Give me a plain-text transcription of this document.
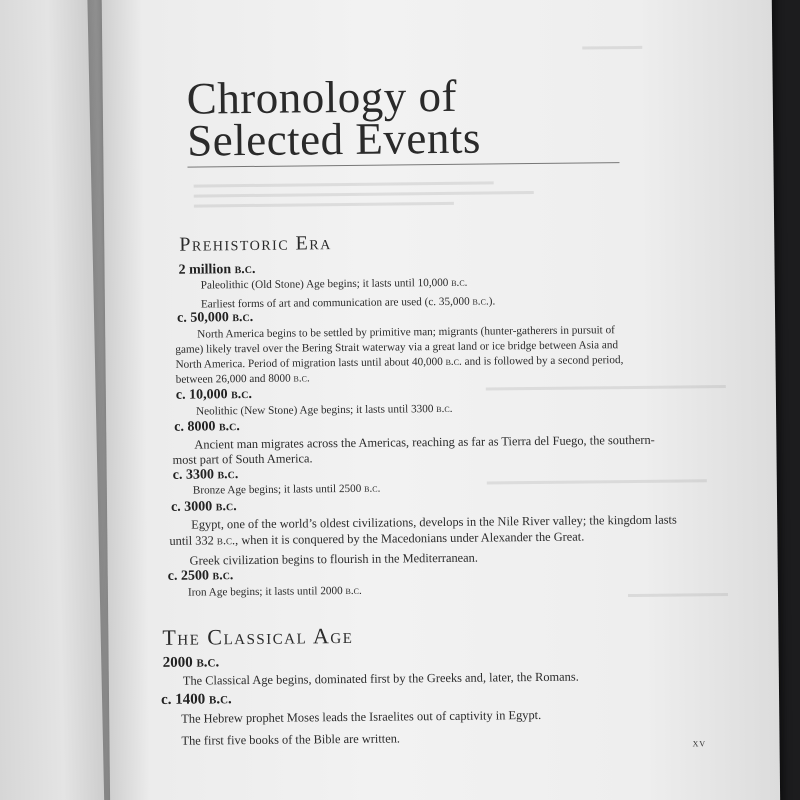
Chronology of
Selected Events
Prehistoric Era
2 million b.c.
Paleolithic (Old Stone) Age begins; it lasts until 10,000 b.c.
Earliest forms of art and communication are used (c. 35,000 b.c.).
c. 50,000 b.c.
North America begins to be settled by primitive man; migrants (hunter-gatherers in pursuit of
game) likely travel over the Bering Strait waterway via a great land or ice bridge between Asia and
North America. Period of migration lasts until about 40,000 b.c. and is followed by a second period,
between 26,000 and 8000 b.c.
c. 10,000 b.c.
Neolithic (New Stone) Age begins; it lasts until 3300 b.c.
c. 8000 b.c.
Ancient man migrates across the Americas, reaching as far as Tierra del Fuego, the southern-
most part of South America.
c. 3300 b.c.
Bronze Age begins; it lasts until 2500 b.c.
c. 3000 b.c.
Egypt, one of the world’s oldest civilizations, develops in the Nile River valley; the kingdom lasts
until 332 b.c., when it is conquered by the Macedonians under Alexander the Great.
Greek civilization begins to flourish in the Mediterranean.
c. 2500 b.c.
Iron Age begins; it lasts until 2000 b.c.
The Classical Age
2000 b.c.
The Classical Age begins, dominated first by the Greeks and, later, the Romans.
c. 1400 b.c.
The Hebrew prophet Moses leads the Israelites out of captivity in Egypt.
The first five books of the Bible are written.	xv
